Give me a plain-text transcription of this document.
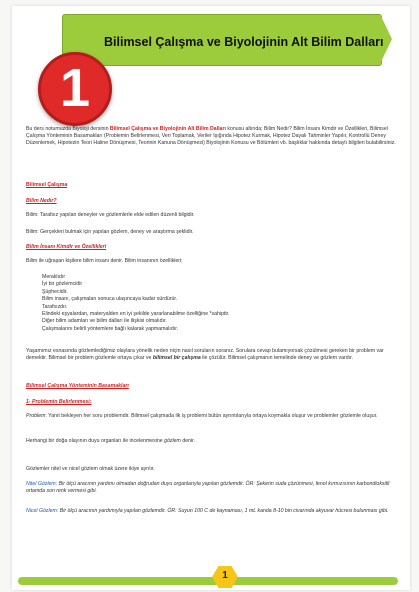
Bilimsel Çalışma ve Biyolojinin Alt Bilim Dalları
1
Bu ders notumuzda Biyoloji dersinin Bilimsel Çalışma ve Biyolojinin Alt Bilim Dalları konusu altında; Bilim Nedir? Bilim İnsanı Kimdir ve Özellikleri, Bilimsel Çalışma Yönteminin Basamakları (Problemin Belirlenmesi, Veri Toplamak, Veriler Işığında Hipotez Kurmak, Hipotez Dayalı Tahminler Yapılır, Kontrollü Deney Düzenlemek, Hipotezin Teori Haline Dönüşmesi, Teorinin Kanuna Dönüşmesi) Biyolojinin Konusu ve Bölümleri vb. başlıklar hakkında detaylı bilgileri bulabilirsiniz.
Bilimsel Çalışma
Bilim Nedir?
Bilim: Tarafsız yapılan deneyler ve gözlemlerle elde edilen düzenli bilgidir.
Bilim: Gerçekleri bulmak için yapılan gözlem, deney ve araştırma şeklidir.
Bilim İnsanı Kimdir ve Özellikleri
Bilim ile uğraşan kişilere bilim insanı denir. Bilim insanının özellikleri;
Meraklıdır
İyi bir gözlemcidir
Şüphecidir.
Bilim insanı, çalışmaları sonuca ulaşıncaya kadar sürdürür.
Tarafsızdır.
Elindeki eşyalardan, materyalden en iyi şekilde yararlanabilme özelliğine *sahiptir.
Diğer bilim adamları ve bilim dalları ile ilişkisi olmalıdır.
Çalışmalarını belirli yöntemlere bağlı kalarak yapmamalıdır.
Yaşamımız esnasında gözlemlediğimiz olaylara yönelik neden niçin nasıl soruların soranız. Sorulara cevap bulamıyorsak çözülmesi gereken bir problem var demektir. Bilimsel bir problem gözlemle ortaya çıkar ve bilimsel bir çalışma ile çözülür. Bilimsel çalışmanın temelinde deney ve gözlem vardır.
Bilimsel Çalışma Yönteminin Basamakları
1- Problemin Belirlenmesi:
Problem: Yanıt bekleyen her soru problemdir. Bilimsel çalışmada ilk iş problemi bütün ayrıntılarıyla ortaya koymakla oluşur ve problemler gözlemle oluşur.
Herhangi bir doğa olayının duyu organları ile incelenmesine gözlem denir.
Gözlemler nitel ve nicel gözlem olmak üzere ikiye ayrılır.
Nitel Gözlem: Bir ölçü aracının yardımı olmadan doğrudan duyu organlarıyla yapılan gözlemdir. ÖR: Şekerin suda çözünmesi, fenol kırmızısının karbondioksitli ortamda son renk vermesi gibi.
Nicel Gözlem: Bir ölçü aracının yardımıyla yapılan gözlemdir. ÖR: Suyun 100 C de kaynaması, 1 mL kanda 8-10 bin civarında akyuvar hücresi bulunması gibi.
1
